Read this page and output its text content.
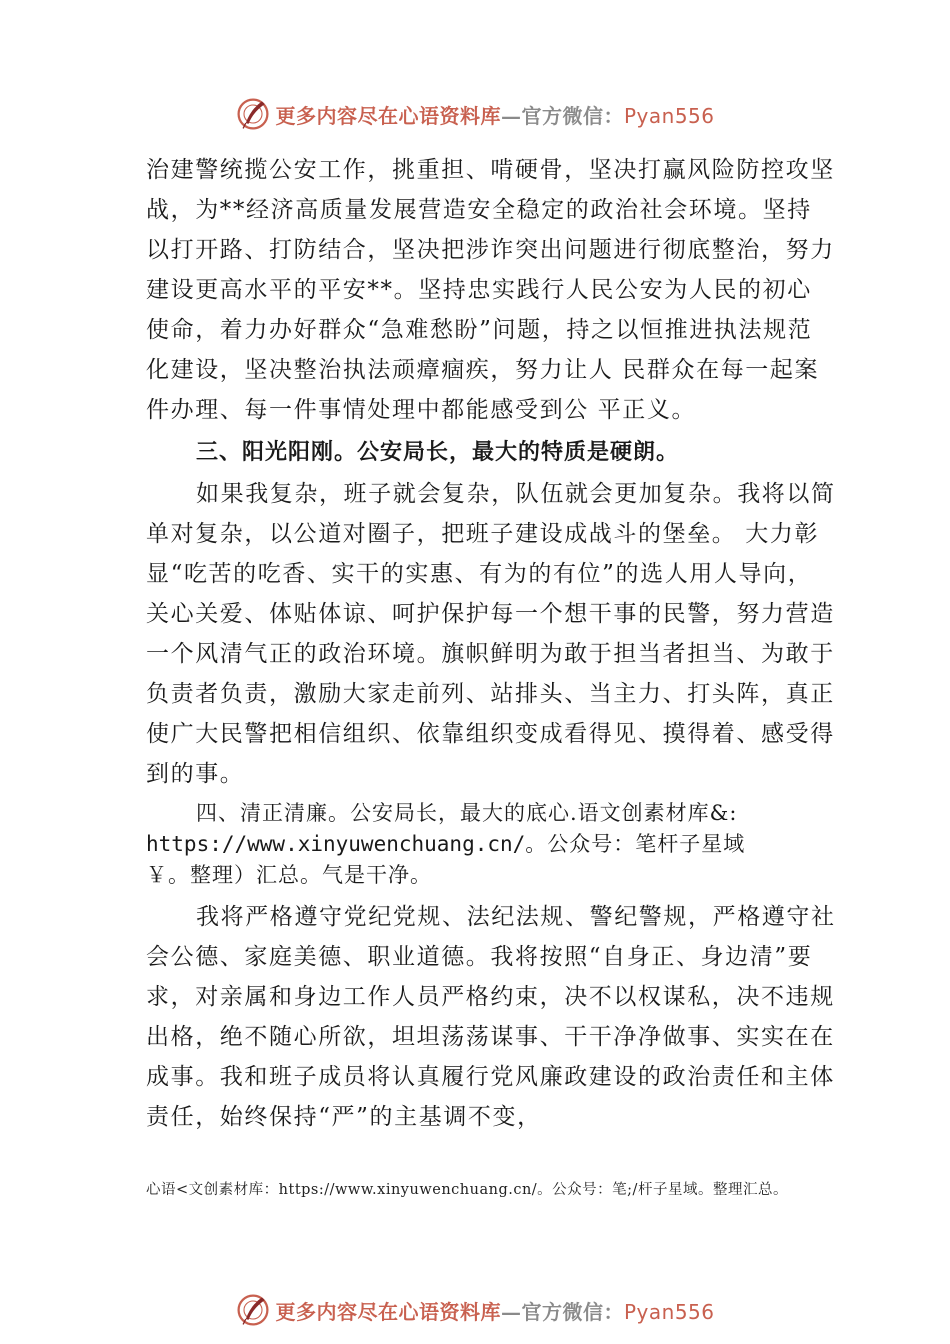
更多内容尽在心语资料库—官方微信：Pyan556

治建警统揽公安工作，挑重担、啃硬骨，坚决打赢风险防控攻坚战，为**经济高质量发展营造安全稳定的政治社会环境。坚持以打开路、打防结合，坚决把涉诈突出问题进行彻底整治，努力建设更高水平的平安**。坚持忠实践行人民公安为人民的初心使命，着力办好群众“急难愁盼”问题，持之以恒推进执法规范化建设，坚决整治执法顽瘴痼疾，努力让人 民群众在每一起案件办理、每一件事情处理中都能感受到公 平正义。

三、阳光阳刚。公安局长，最大的特质是硬朗。

如果我复杂，班子就会复杂，队伍就会更加复杂。我将以简单对复杂，以公道对圈子，把班子建设成战斗的堡垒。 大力彰显“吃苦的吃香、实干的实惠、有为的有位”的选人用人导向，关心关爱、体贴体谅、呵护保护每一个想干事的民警，努力营造一个风清气正的政治环境。旗帜鲜明为敢于担当者担当、为敢于负责者负责，激励大家走前列、站排头、当主力、打头阵，真正使广大民警把相信组织、依靠组织变成看得见、摸得着、感受得到的事。

四、清正清廉。公安局长，最大的底心.语文创素材库&:
https://www.xinyuwenchuang.cn/。公众号：笔杆子星域
￥。整理）汇总。气是干净。

我将严格遵守党纪党规、法纪法规、警纪警规，严格遵守社会公德、家庭美德、职业道德。我将按照“自身正、身边清”要求，对亲属和身边工作人员严格约束，决不以权谋私，决不违规出格，绝不随心所欲，坦坦荡荡谋事、干干净净做事、实实在在成事。我和班子成员将认真履行党风廉政建设的政治责任和主体责任，始终保持“严”的主基调不变，

心语<文创素材库：https://www.xinyuwenchuang.cn/。公众号：笔;/杆子星域。整理汇总。
更多内容尽在心语资料库—官方微信：Pyan556
